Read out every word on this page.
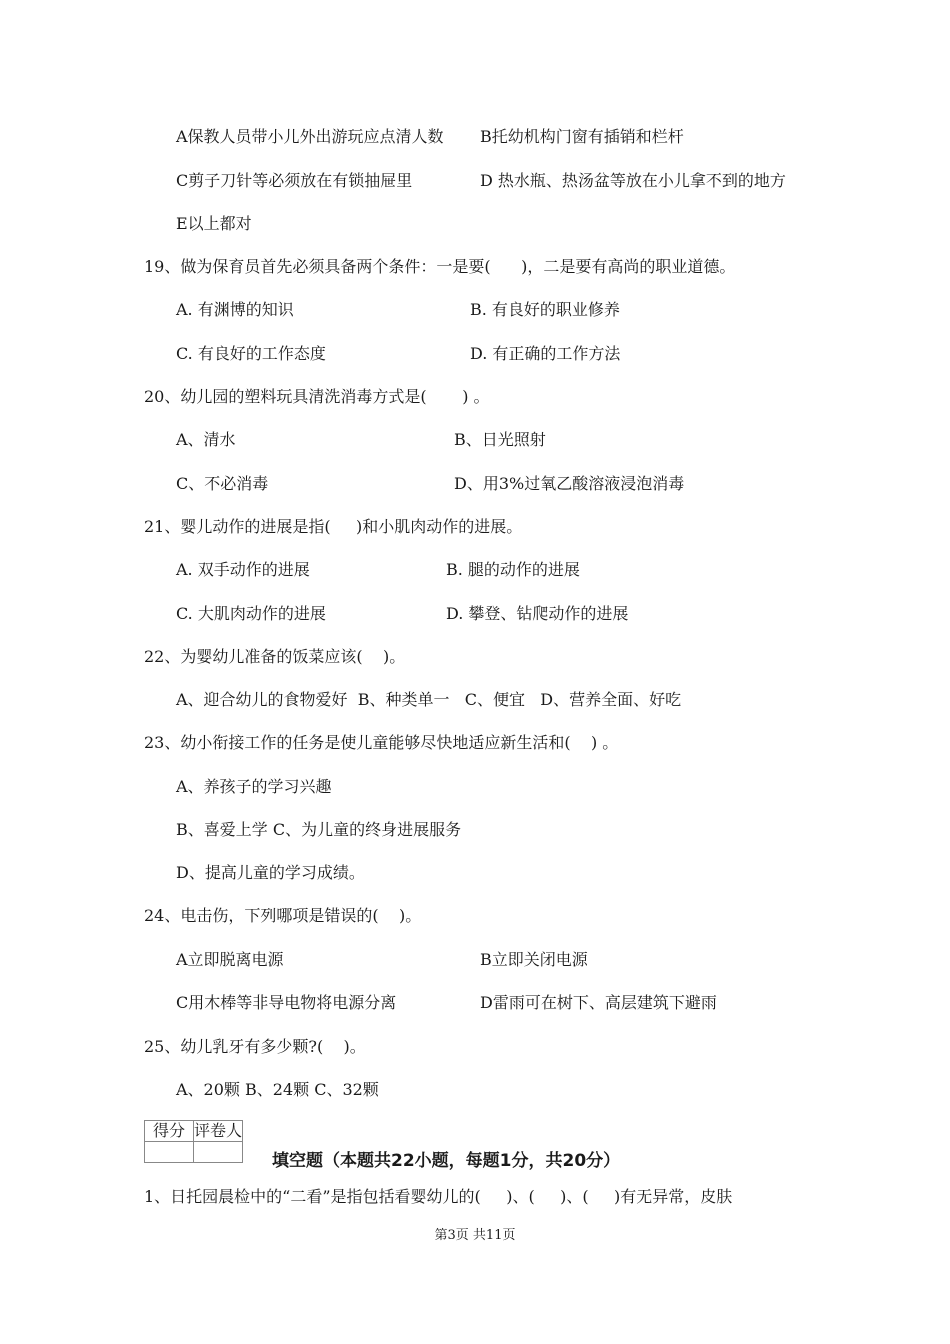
A保教人员带小儿外出游玩应点清人数 B托幼机构门窗有插销和栏杆
C剪子刀针等必须放在有锁抽屉里	D 热水瓶、热汤盆等放在小儿拿不到的地方
E以上都对
19、做为保育员首先必须具备两个条件：一是要(      )，二是要有高尚的职业道德。
A. 有渊博的知识	B. 有良好的职业修养
C. 有良好的工作态度	D. 有正确的工作方法
20、幼儿园的塑料玩具清洗消毒方式是(       ) 。
A、清水	B、日光照射
C、不必消毒	D、用3%过氧乙酸溶液浸泡消毒
21、婴儿动作的进展是指(     )和小肌肉动作的进展。
A. 双手动作的进展	B. 腿的动作的进展
C. 大肌肉动作的进展	D. 攀登、钻爬动作的进展
22、为婴幼儿准备的饭菜应该(    )。
A、迎合幼儿的食物爱好  B、种类单一   C、便宜   D、营养全面、好吃
23、幼小衔接工作的任务是使儿童能够尽快地适应新生活和(    ) 。
A、养孩子的学习兴趣
B、喜爱上学 C、为儿童的终身进展服务
D、提高儿童的学习成绩。
24、电击伤，下列哪项是错误的(    )。
A立即脱离电源	B立即关闭电源
C用木棒等非导电物将电源分离	D雷雨可在树下、高层建筑下避雨
25、幼儿乳牙有多少颗?(    )。
A、20颗 B、24颗 C、32颗
得分	评卷人

填空题（本题共22小题，每题1分，共20分）
1、日托园晨检中的“二看”是指包括看婴幼儿的(     )、(     )、(     )有无异常，皮肤
第3页 共11页
